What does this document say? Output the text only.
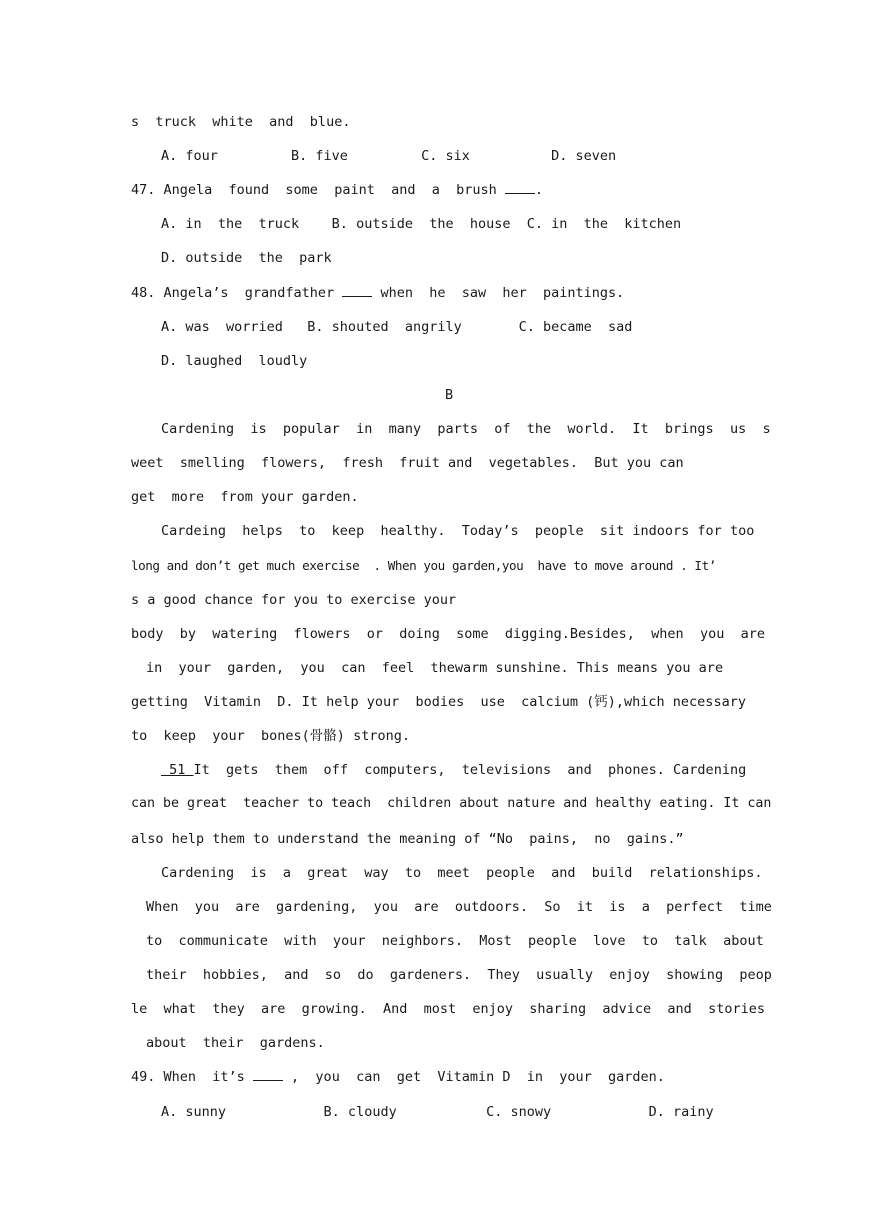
s  truck  white  and  blue.
A. four         B. five         C. six          D. seven
47. Angela  found  some  paint  and  a  brush .
A. in  the  truck    B. outside  the  house  C. in  the  kitchen
D. outside  the  park
48. Angela’s  grandfather  when  he  saw  her  paintings.
A. was  worried   B. shouted  angrily       C. became  sad
D. laughed  loudly
B
Cardening  is  popular  in  many  parts  of  the  world.  It  brings  us  s
weet  smelling  flowers,  fresh  fruit and  vegetables.  But you can
get  more  from your garden.
Cardeing  helps  to  keep  healthy.  Today’s  people  sit indoors for too
long and don’t get much exercise  . When you garden,you  have to move around . It’
s a good chance for you to exercise your
body  by  watering  flowers  or  doing  some  digging.Besides,  when  you  are
in  your  garden,  you  can  feel  thewarm sunshine. This means you are
getting  Vitamin  D. It help your  bodies  use  calcium (钙),which necessary
to  keep  your  bones(骨骼) strong.
51 It  gets  them  off  computers,  televisions  and  phones. Cardening
can be great  teacher to teach  children about nature and healthy eating. It can
also help them to understand the meaning of “No  pains,  no  gains.”
Cardening  is  a  great  way  to  meet  people  and  build  relationships.
When  you  are  gardening,  you  are  outdoors.  So  it  is  a  perfect  time
to  communicate  with  your  neighbors.  Most  people  love  to  talk  about
their  hobbies,  and  so  do  gardeners.  They  usually  enjoy  showing  peop
le  what  they  are  growing.  And  most  enjoy  sharing  advice  and  stories
about  their  gardens.
49. When  it’s  ,  you  can  get  Vitamin D  in  your  garden.
A. sunny            B. cloudy           C. snowy            D. rainy
